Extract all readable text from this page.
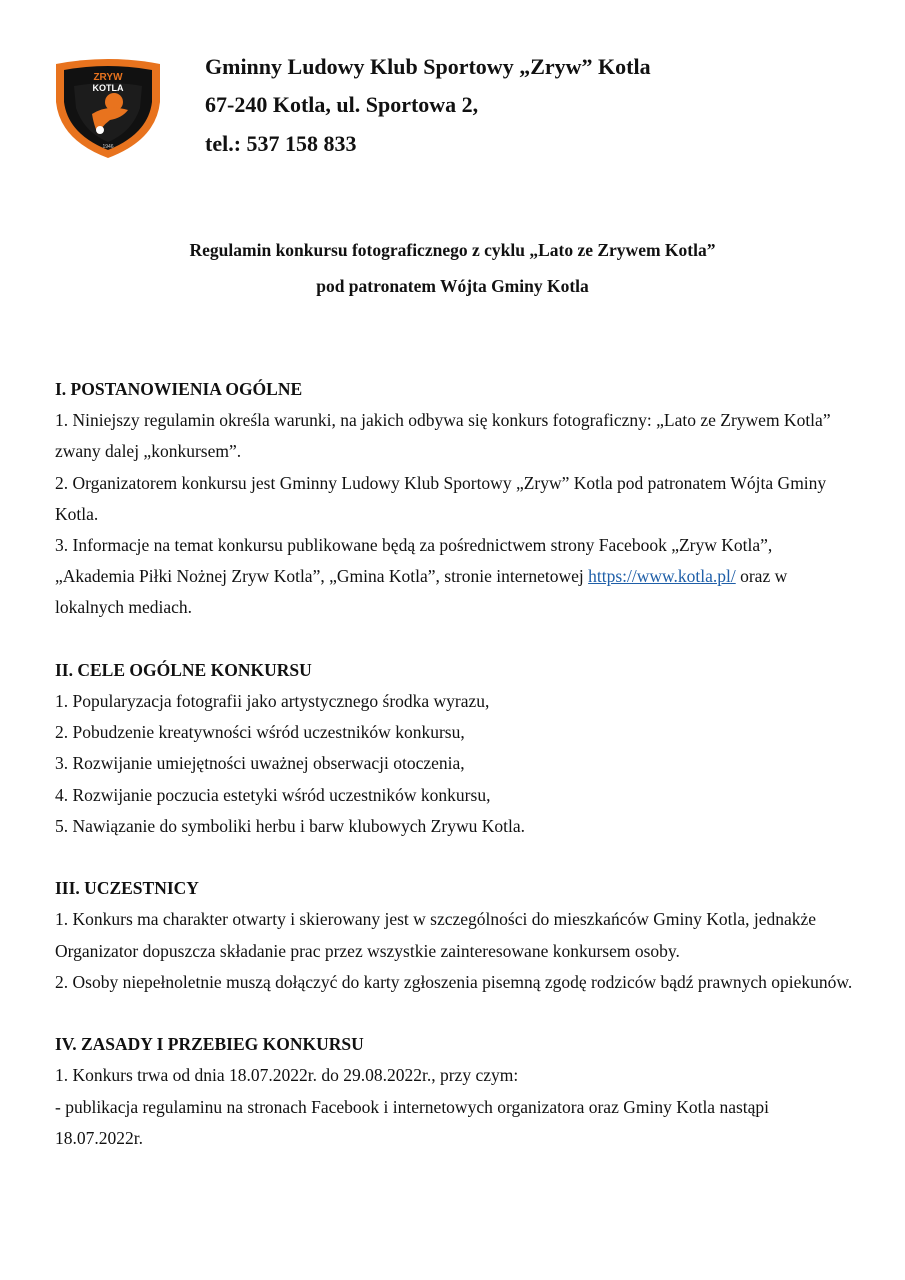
ZRYW
KOTLA
1946
Gminny Ludowy Klub Sportowy „Zryw” Kotla
67-240 Kotla, ul. Sportowa 2,
tel.: 537 158 833
Regulamin konkursu fotograficznego z cyklu „Lato ze Zrywem Kotla”
pod patronatem Wójta Gminy Kotla
I. POSTANOWIENIA OGÓLNE

1. Niniejszy regulamin określa warunki, na jakich odbywa się konkurs fotograficzny: „Lato ze Zrywem Kotla” zwany dalej „konkursem”.

2. Organizatorem konkursu jest Gminny Ludowy Klub Sportowy „Zryw” Kotla pod patronatem Wójta Gminy Kotla.

3. Informacje na temat konkursu publikowane będą za pośrednictwem strony Facebook „Zryw Kotla”, „Akademia Piłki Nożnej Zryw Kotla”, „Gmina Kotla”, stronie internetowej https://www.kotla.pl/ oraz w lokalnych mediach.

II. CELE OGÓLNE KONKURSU

1. Popularyzacja fotografii jako artystycznego środka wyrazu,

2. Pobudzenie kreatywności wśród uczestników konkursu,

3. Rozwijanie umiejętności uważnej obserwacji otoczenia,

4. Rozwijanie poczucia estetyki wśród uczestników konkursu,

5. Nawiązanie do symboliki herbu i barw klubowych Zrywu Kotla.

III. UCZESTNICY

1. Konkurs ma charakter otwarty i skierowany jest w szczególności do mieszkańców Gminy Kotla, jednakże Organizator dopuszcza składanie prac przez wszystkie zainteresowane konkursem osoby.

2. Osoby niepełnoletnie muszą dołączyć do karty zgłoszenia pisemną zgodę rodziców bądź prawnych opiekunów.

IV. ZASADY I PRZEBIEG KONKURSU

1. Konkurs trwa od dnia 18.07.2022r. do 29.08.2022r., przy czym:

- publikacja regulaminu na stronach Facebook i internetowych organizatora oraz Gminy Kotla nastąpi 18.07.2022r.
